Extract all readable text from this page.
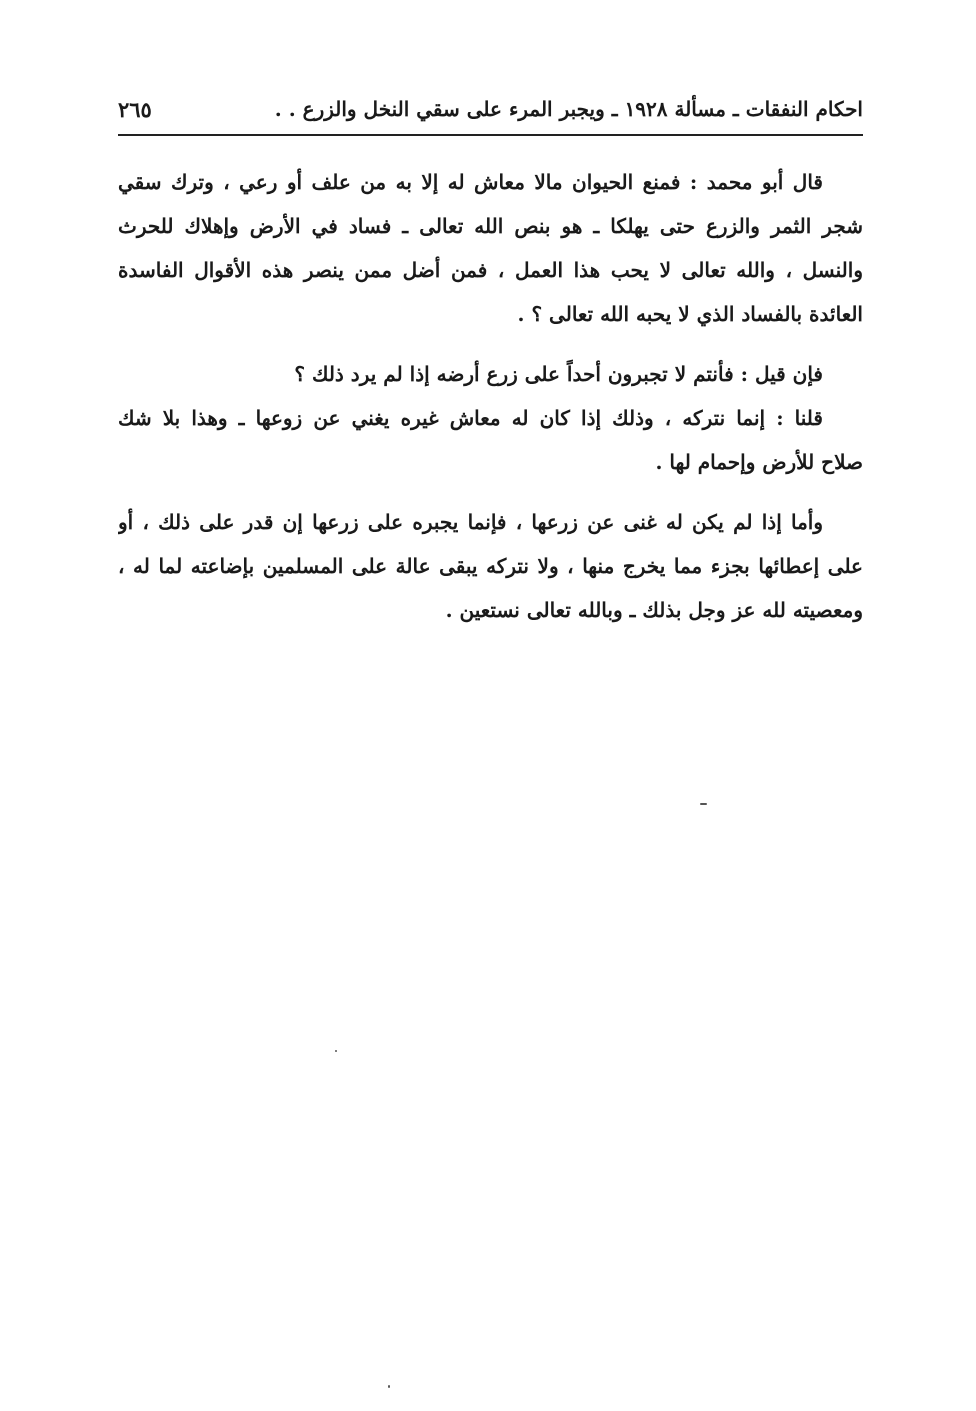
٢٦٥	احكام النفقات ـ مسألة ١٩٢٨ ـ ويجبر المرء على سقي النخل والزرع . .
قال أبو محمد : فمنع الحيوان مالا معاش له إلا به من علف أو رعي ، وترك سقي
شجر الثمر والزرع حتى يهلكا ـ هو بنص الله تعالى ـ فساد في الأرض وإهلاك للحرث
والنسل ، والله تعالى لا يحب هذا العمل ، فمن أضل ممن ينصر هذه الأقوال الفاسدة
العائدة بالفساد الذي لا يحبه الله تعالى ؟ .
فإن قيل : فأنتم لا تجبرون أحداً على زرع أرضه إذا لم يرد ذلك ؟
قلنا : إنما نتركه ، وذلك إذا كان له معاش غيره يغني عن زوعها ـ وهذا بلا شك
صلاح للأرض وإحمام لها .
وأما إذا لم يكن له غنى عن زرعها ، فإنما يجبره على زرعها إن قدر على ذلك ، أو
على إعطائها بجزء مما يخرج منها ، ولا نتركه يبقى عالة على المسلمين بإضاعته لما له ،
ومعصيته لله عز وجل بذلك ـ وبالله تعالى نستعين .
